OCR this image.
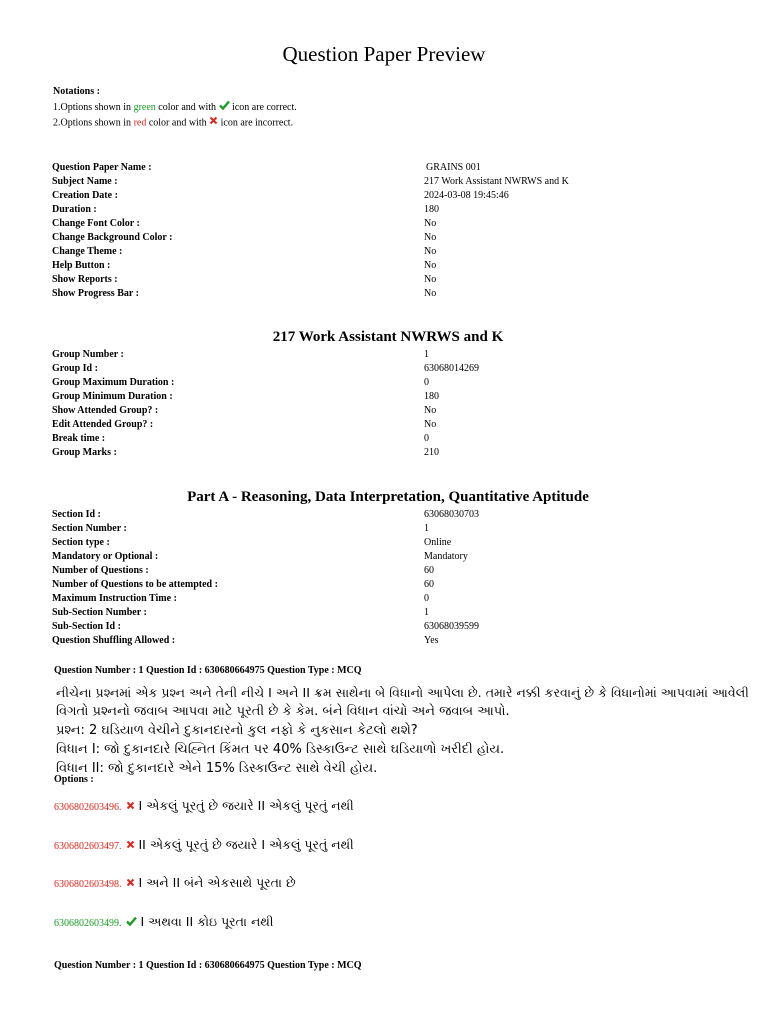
Question Paper Preview
Notations :
1.Options shown in green color and with icon are correct.
2.Options shown in red color and with icon are incorrect.
Question Paper Name :	GRAINS 001
Subject Name :	217 Work Assistant NWRWS and K
Creation Date :	2024-03-08 19:45:46
Duration :	180
Change Font Color :	No
Change Background Color :	No
Change Theme :	No
Help Button :	No
Show Reports :	No
Show Progress Bar :	No
217 Work Assistant NWRWS and K
Group Number :	1
Group Id :	63068014269
Group Maximum Duration :	0
Group Minimum Duration :	180
Show Attended Group? :	No
Edit Attended Group? :	No
Break time :	0
Group Marks :	210
Part A - Reasoning, Data Interpretation, Quantitative Aptitude
Section Id :	63068030703
Section Number :	1
Section type :	Online
Mandatory or Optional :	Mandatory
Number of Questions :	60
Number of Questions to be attempted :	60
Maximum Instruction Time :	0
Sub-Section Number :	1
Sub-Section Id :	63068039599
Question Shuffling Allowed :	Yes
Question Number : 1 Question Id : 630680664975 Question Type : MCQ
નીચેના પ્રશ્નમાં એક પ્રશ્ન અને તેની નીચે I અને II ક્રમ સાથેના બે વિધાનો આપેલા છે. તમારે નક્કી કરવાનું છે કે વિધાનોમાં આપવામાં આવેલી
વિગતો પ્રશ્નનો જવાબ આપવા માટે પૂરતી છે કે કેમ. બંને વિધાન વાંચો અને જવાબ આપો.
પ્રશ્ન: 2 ઘડિયાળ વેચીને દુકાનદારનો કુલ નફો કે નુકસાન કેટલો થશે?
વિધાન I: જો દુકાનદારે ચિહ્નિત કિંમત પર 40% ડિસ્કાઉન્ટ સાથે ઘડિયાળો ખરીદી હોય.
વિધાન II: જો દુકાનદારે એને 15% ડિસ્કાઉન્ટ સાથે વેચી હોય.
Options :
6306802603496. I એકલું પૂરતું છે જયારે II એકલું પૂરતું નથી
6306802603497. II એકલું પૂરતું છે જયારે I એકલું પૂરતું નથી
6306802603498. I અને II બંને એકસાથે પૂરતા છે
6306802603499. I અથવા II કોઇ પૂરતા નથી
Question Number : 1 Question Id : 630680664975 Question Type : MCQ
